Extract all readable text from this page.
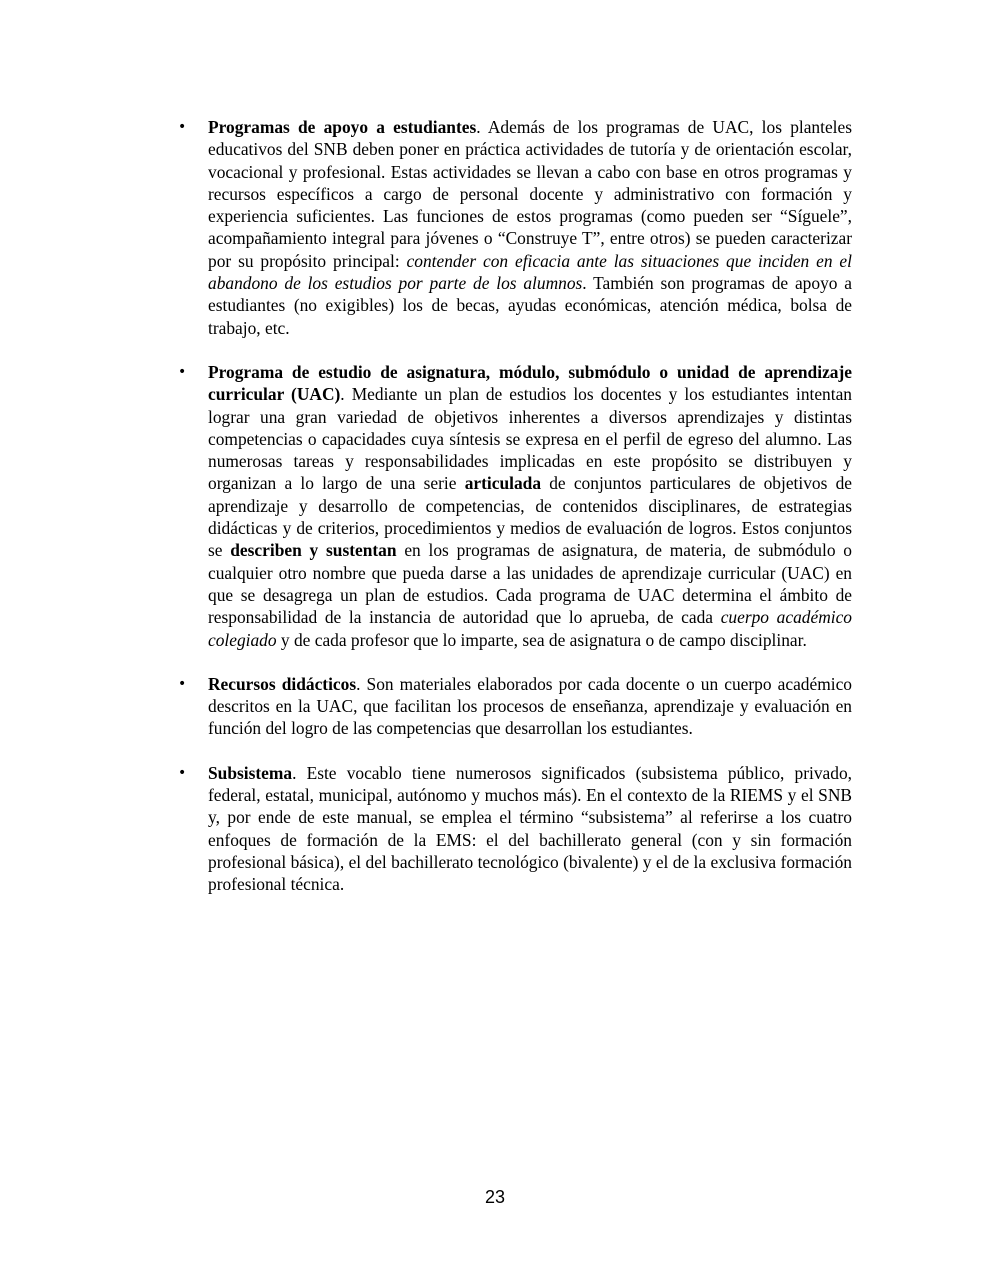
• Programas de apoyo a estudiantes. Además de los programas de UAC, los planteles educativos del SNB deben poner en práctica actividades de tutoría y de orientación escolar, vocacional y profesional. Estas actividades se llevan a cabo con base en otros programas y recursos específicos a cargo de personal docente y administrativo con formación y experiencia suficientes. Las funciones de estos programas (como pueden ser “Síguele”, acompañamiento integral para jóvenes o “Construye T”, entre otros) se pueden caracterizar por su propósito principal: contender con eficacia ante las situaciones que inciden en el abandono de los estudios por parte de los alumnos. También son programas de apoyo a estudiantes (no exigibles) los de becas, ayudas económicas, atención médica, bolsa de trabajo, etc.
• Programa de estudio de asignatura, módulo, submódulo o unidad de aprendizaje curricular (UAC). Mediante un plan de estudios los docentes y los estudiantes intentan lograr una gran variedad de objetivos inherentes a diversos aprendizajes y distintas competencias o capacidades cuya síntesis se expresa en el perfil de egreso del alumno. Las numerosas tareas y responsabilidades implicadas en este propósito se distribuyen y organizan a lo largo de una serie articulada de conjuntos particulares de objetivos de aprendizaje y desarrollo de competencias, de contenidos disciplinares, de estrategias didácticas y de criterios, procedimientos y medios de evaluación de logros. Estos conjuntos se describen y sustentan en los programas de asignatura, de materia, de submódulo o cualquier otro nombre que pueda darse a las unidades de aprendizaje curricular (UAC) en que se desagrega un plan de estudios. Cada programa de UAC determina el ámbito de responsabilidad de la instancia de autoridad que lo aprueba, de cada cuerpo académico colegiado y de cada profesor que lo imparte, sea de asignatura o de campo disciplinar.
• Recursos didácticos. Son materiales elaborados por cada docente o un cuerpo académico descritos en la UAC, que facilitan los procesos de enseñanza, aprendizaje y evaluación en función del logro de las competencias que desarrollan los estudiantes.
• Subsistema. Este vocablo tiene numerosos significados (subsistema público, privado, federal, estatal, municipal, autónomo y muchos más). En el contexto de la RIEMS y el SNB y, por ende de este manual, se emplea el término “subsistema” al referirse a los cuatro enfoques de formación de la EMS: el del bachillerato general (con y sin formación profesional básica), el del bachillerato tecnológico (bivalente) y el de la exclusiva formación profesional técnica.
23
